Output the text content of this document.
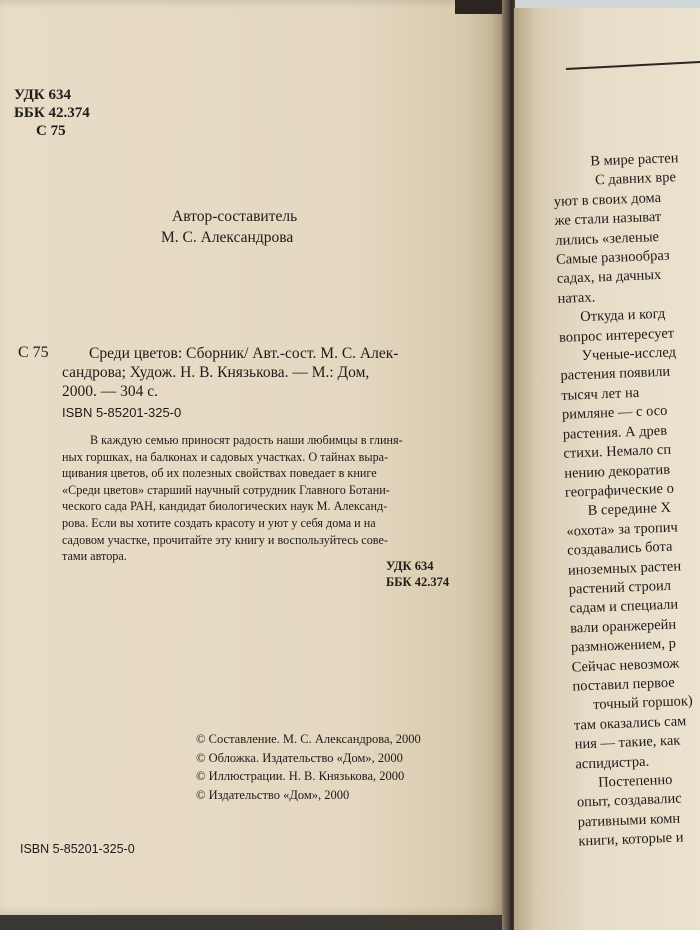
УДК 634
ББК 42.374
С 75

Автор-составитель

М. С. Александрова

С 75	Среди цветов: Сборник/ Авт.-сост. М. С. Алек-
сандрова; Худож. Н. В. Князькова. — М.: Дом,
2000. — 304 с.

ISBN 5-85201-325-0

В каждую семью приносят радость наши любимцы в глиня-
ных горшках, на балконах и садовых участках. О тайнах выра-
щивания цветов, об их полезных свойствах поведает в книге
«Среди цветов» старший научный сотрудник Главного Ботани-
ческого сада РАН, кандидат биологических наук М. Александ-
рова. Если вы хотите создать красоту и уют у себя дома и на
садовом участке, прочитайте эту книгу и воспользуйтесь сове-
тами автора.
УДК 634
ББК 42.374
© Составление. М. С. Александрова, 2000
© Обложка. Издательство «Дом», 2000
© Иллюстрации. Н. В. Князькова, 2000
© Издательство «Дом», 2000

ISBN 5-85201-325-0

В мире растен
С давних вре
уют в своих дома
же стали называт
лились «зеленые
Самые разнообраз
садах, на дачных
натах.
Откуда и когд
вопрос интересует
Ученые-исслед
растения появили
тысяч лет на
римляне — с осо
растения. А древ
стихи. Немало сп
нению декоратив
географические о
В середине Х
«охота» за тропич
создавались бота
иноземных растен
растений строил
садам и специали
вали оранжерейн
размножением, р
Сейчас невозмож
поставил первое
точный горшок)
там оказались сам
ния — такие, как
аспидистра.
Постепенно
опыт, создавалис
ративными комн
книги, которые и
